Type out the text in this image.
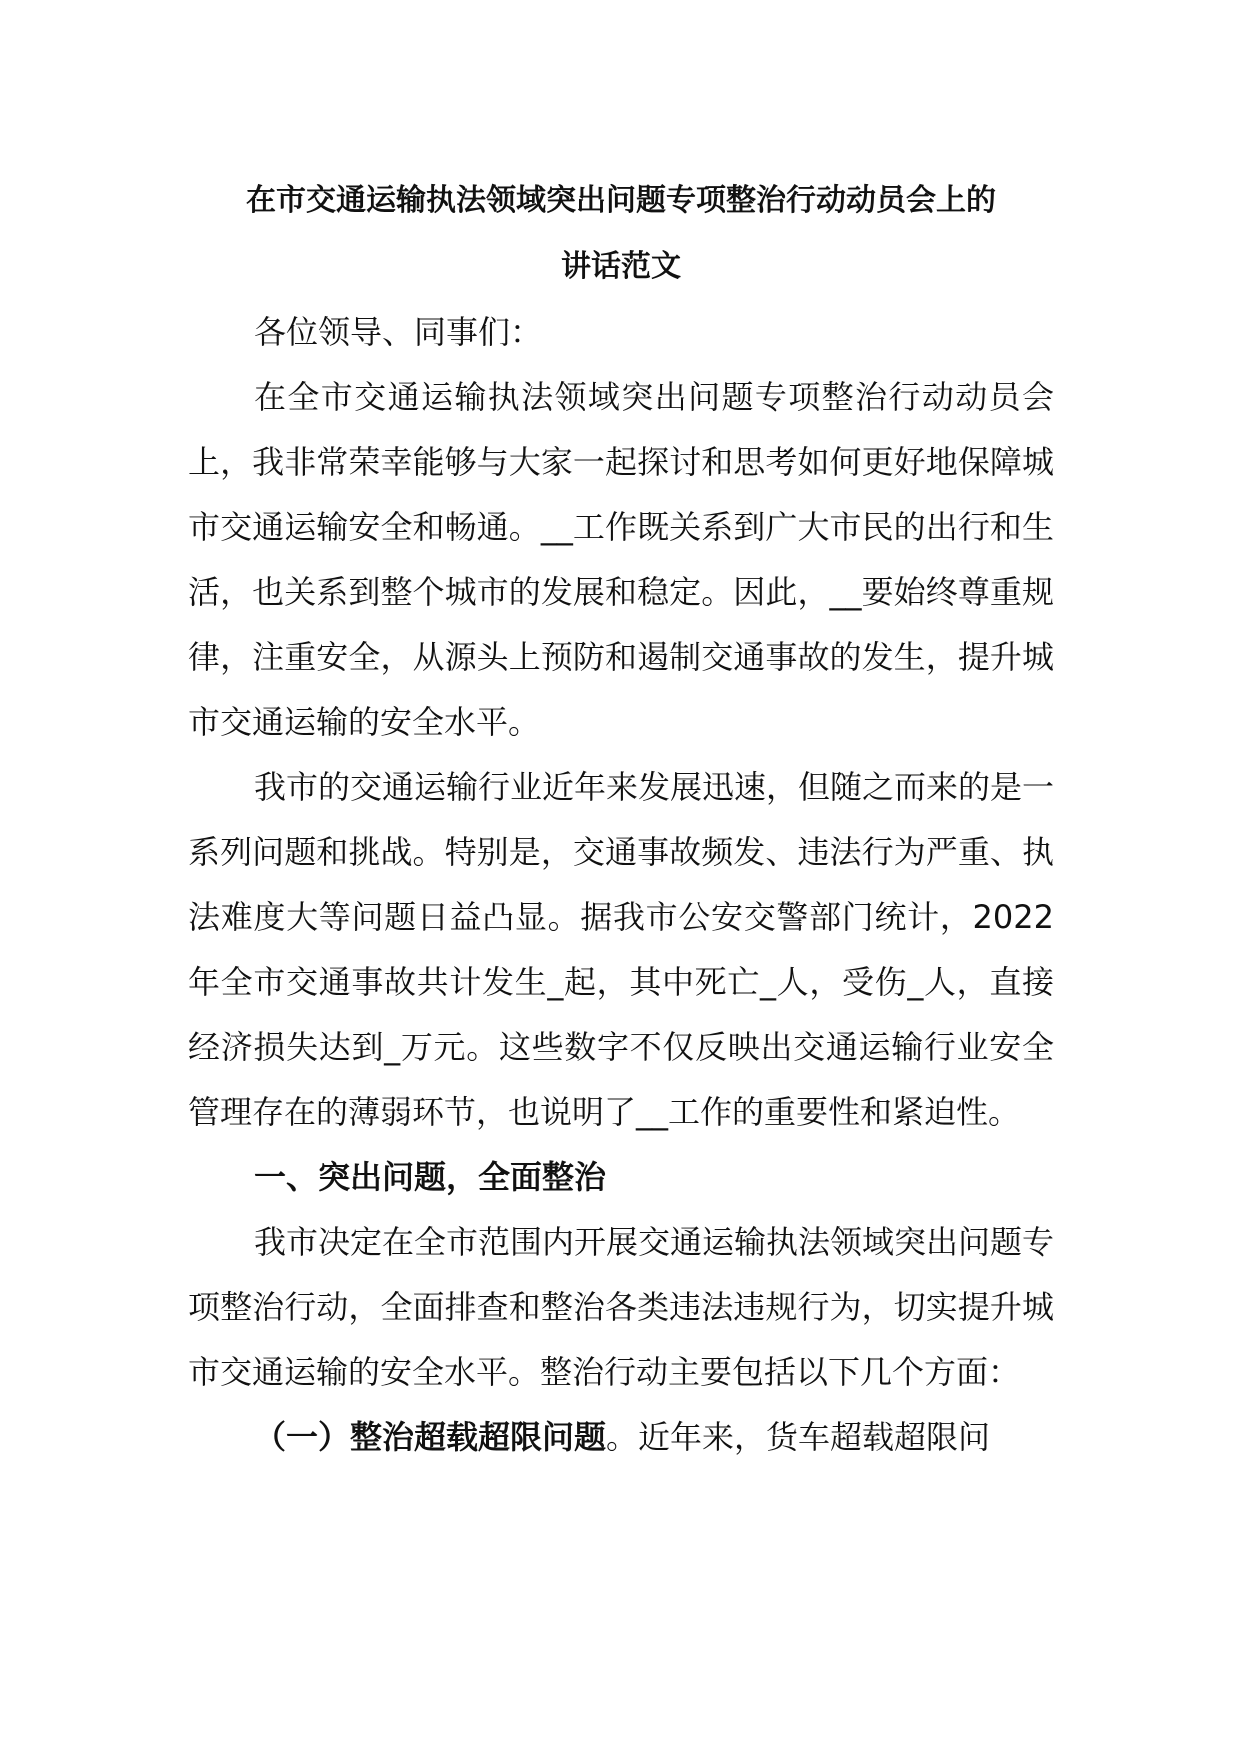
在市交通运输执法领域突出问题专项整治行动动员会上的
讲话范文

各位领导、同事们：

在全市交通运输执法领域突出问题专项整治行动动员会上，我非常荣幸能够与大家一起探讨和思考如何更好地保障城市交通运输安全和畅通。__工作既关系到广大市民的出行和生活，也关系到整个城市的发展和稳定。因此，__要始终尊重规律，注重安全，从源头上预防和遏制交通事故的发生，提升城市交通运输的安全水平。

我市的交通运输行业近年来发展迅速，但随之而来的是一系列问题和挑战。特别是，交通事故频发、违法行为严重、执法难度大等问题日益凸显。据我市公安交警部门统计，2022 年全市交通事故共计发生_起，其中死亡_人，受伤_人，直接经济损失达到_万元。这些数字不仅反映出交通运输行业安全管理存在的薄弱环节，也说明了__工作的重要性和紧迫性。

一、突出问题，全面整治

我市决定在全市范围内开展交通运输执法领域突出问题专项整治行动，全面排查和整治各类违法违规行为，切实提升城市交通运输的安全水平。整治行动主要包括以下几个方面：

（一）整治超载超限问题。近年来，货车超载超限问
